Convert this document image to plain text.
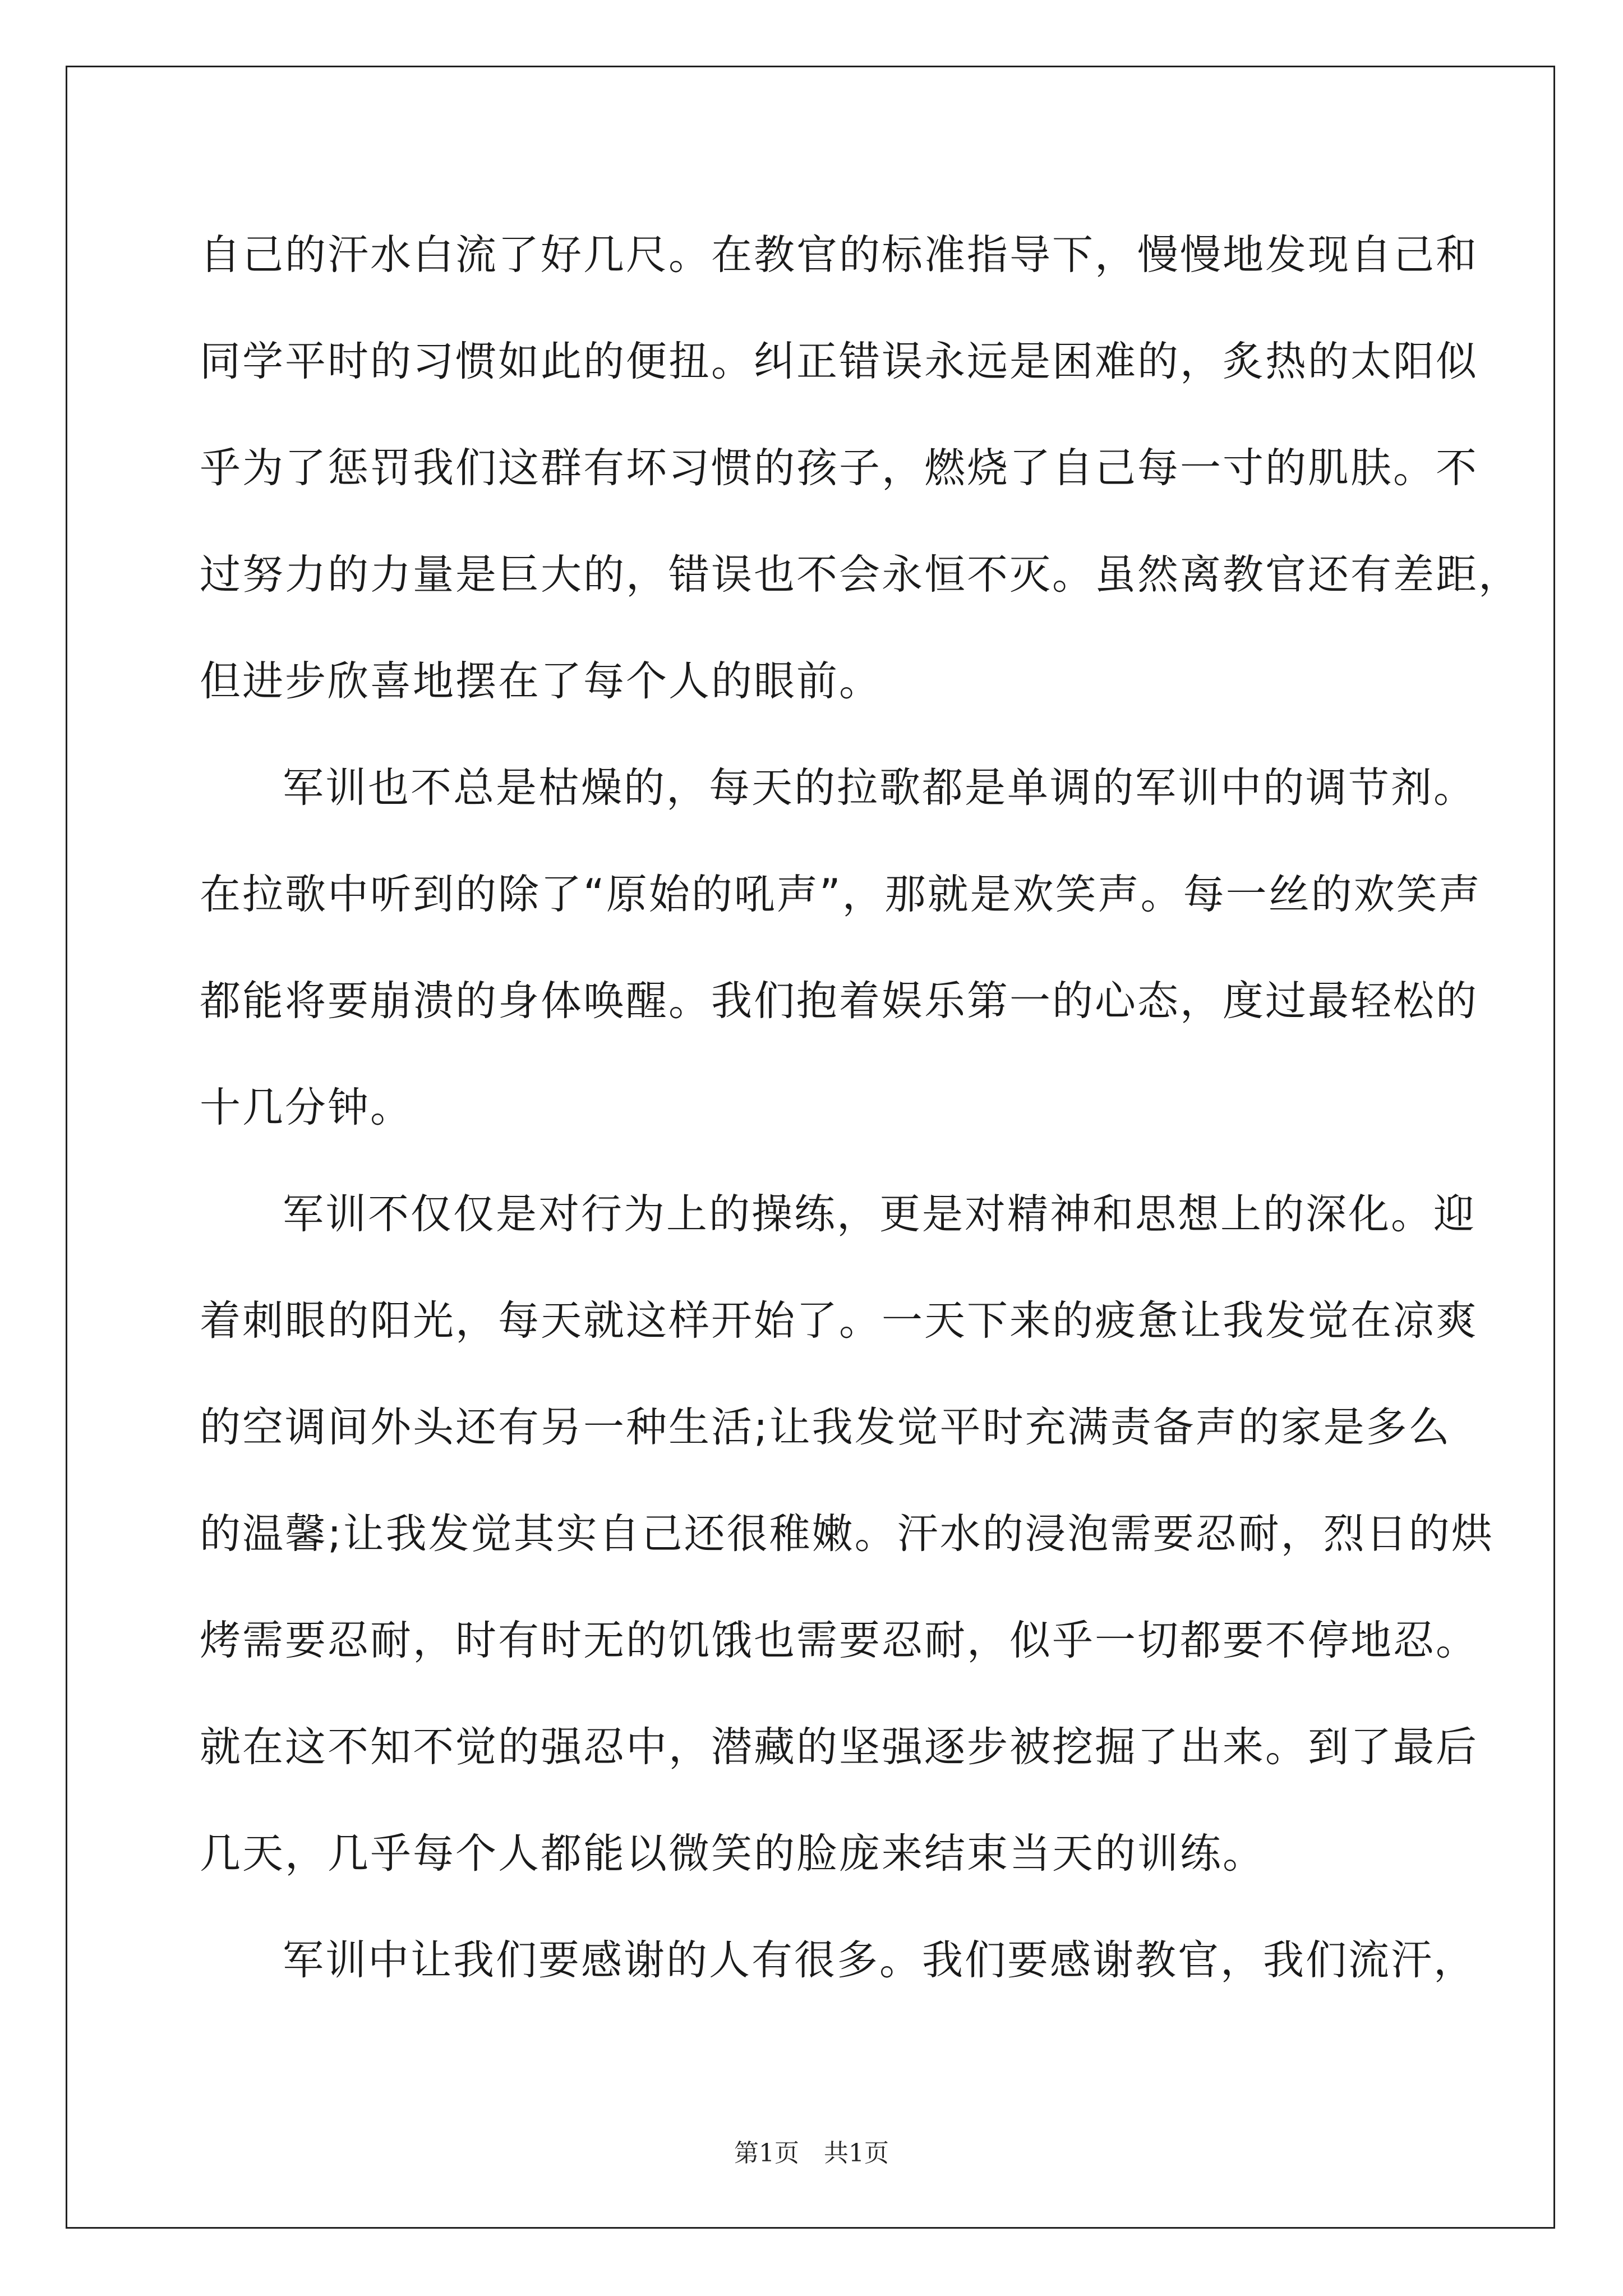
自己的汗水白流了好几尺。在教官的标准指导下，慢慢地发现自己和
同学平时的习惯如此的便扭。纠正错误永远是困难的，炙热的太阳似
乎为了惩罚我们这群有坏习惯的孩子，燃烧了自己每一寸的肌肤。不
过努力的力量是巨大的，错误也不会永恒不灭。虽然离教官还有差距，
但进步欣喜地摆在了每个人的眼前。
军训也不总是枯燥的，每天的拉歌都是单调的军训中的调节剂。
在拉歌中听到的除了“原始的吼声”，那就是欢笑声。每一丝的欢笑声
都能将要崩溃的身体唤醒。我们抱着娱乐第一的心态，度过最轻松的
十几分钟。
军训不仅仅是对行为上的操练，更是对精神和思想上的深化。迎
着刺眼的阳光，每天就这样开始了。一天下来的疲惫让我发觉在凉爽
的空调间外头还有另一种生活;让我发觉平时充满责备声的家是多么
的温馨;让我发觉其实自己还很稚嫩。汗水的浸泡需要忍耐，烈日的烘
烤需要忍耐，时有时无的饥饿也需要忍耐，似乎一切都要不停地忍。
就在这不知不觉的强忍中，潜藏的坚强逐步被挖掘了出来。到了最后
几天，几乎每个人都能以微笑的脸庞来结束当天的训练。
军训中让我们要感谢的人有很多。我们要感谢教官，我们流汗，
第1页　共1页
